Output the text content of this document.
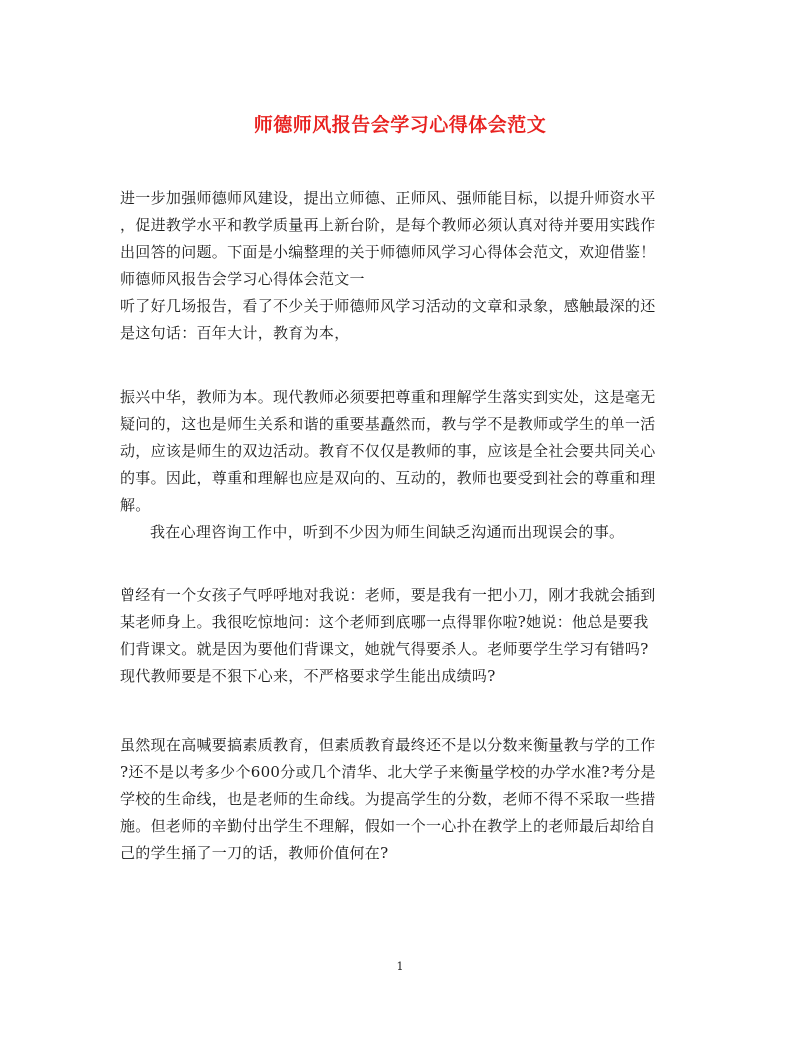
师德师风报告会学习心得体会范文
进一步加强师德师风建设，提出立师德、正师风、强师能目标，以提升师资水平
，促进教学水平和教学质量再上新台阶，是每个教师必须认真对待并要用实践作
出回答的问题。下面是小编整理的关于师德师风学习心得体会范文，欢迎借鉴！
师德师风报告会学习心得体会范文一
听了好几场报告，看了不少关于师德师风学习活动的文章和录象，感触最深的还
是这句话：百年大计，教育为本，
振兴中华，教师为本。现代教师必须要把尊重和理解学生落实到实处，这是毫无
疑问的，这也是师生关系和谐的重要基矗然而，教与学不是教师或学生的单一活
动，应该是师生的双边活动。教育不仅仅是教师的事，应该是全社会要共同关心
的事。因此，尊重和理解也应是双向的、互动的，教师也要受到社会的尊重和理
解。
我在心理咨询工作中，听到不少因为师生间缺乏沟通而出现误会的事。
曾经有一个女孩子气呼呼地对我说：老师，要是我有一把小刀，刚才我就会插到
某老师身上。我很吃惊地问：这个老师到底哪一点得罪你啦?她说：他总是要我
们背课文。就是因为要他们背课文，她就气得要杀人。老师要学生学习有错吗?
现代教师要是不狠下心来，不严格要求学生能出成绩吗?
虽然现在高喊要搞素质教育，但素质教育最终还不是以分数来衡量教与学的工作
?还不是以考多少个600分或几个清华、北大学子来衡量学校的办学水准?考分是
学校的生命线，也是老师的生命线。为提高学生的分数，老师不得不采取一些措
施。但老师的辛勤付出学生不理解，假如一个一心扑在教学上的老师最后却给自
己的学生捅了一刀的话，教师价值何在?
1
